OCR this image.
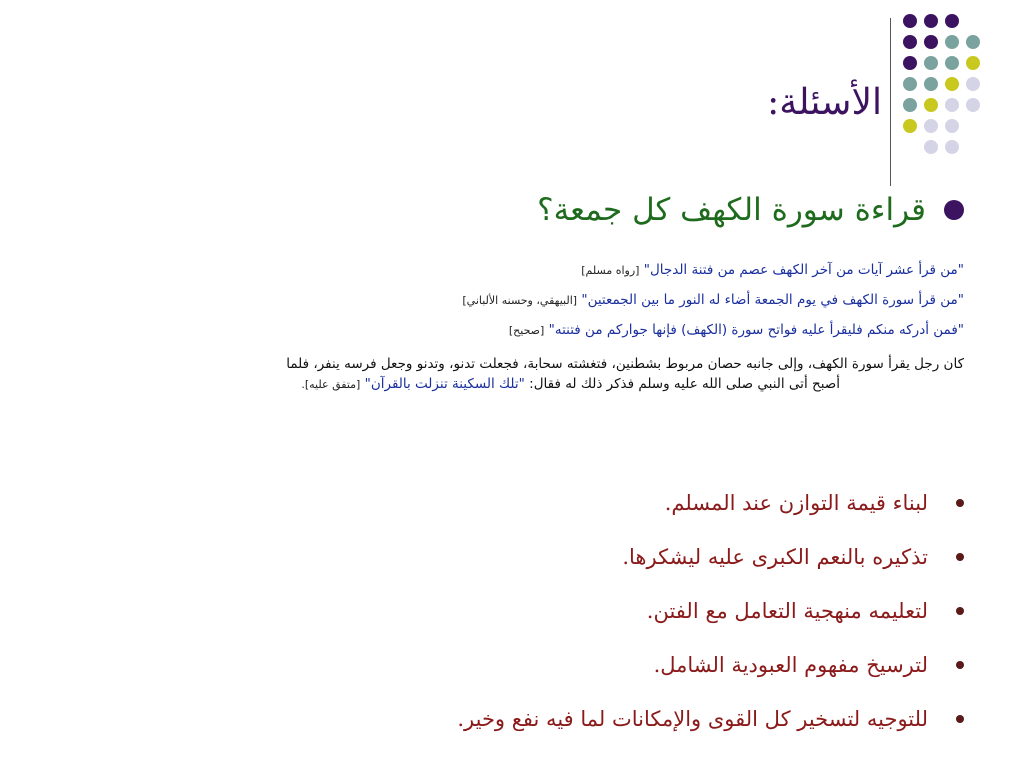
الأسئلة:
قراءة سورة الكهف كل جمعة؟
"من قرأ عشر آيات من آخر الكهف عصم من فتنة الدجال" [رواه مسلم]
"من قرأ سورة الكهف في يوم الجمعة أضاء له النور ما بين الجمعتين" [البيهقي، وحسنه الألباني]
"فمن أدركه منكم فليقرأ عليه فواتح سورة (الكهف) فإنها جواركم من فتنته" [صحيح]
كان رجل يقرأ سورة الكهف، وإلى جانبه حصان مربوط بشطنين، فتغشته سحابة، فجعلت تدنو، وتدنو وجعل فرسه ينفر، فلما
أصبح أتى النبي صلى الله عليه وسلم فذكر ذلك له فقال: "تلك السكينة تنزلت بالقرآن" [متفق عليه].
لبناء قيمة التوازن عند المسلم.
تذكيره بالنعم الكبرى عليه ليشكرها.
لتعليمه منهجية التعامل مع الفتن.
لترسيخ مفهوم العبودية الشامل.
للتوجيه لتسخير كل القوى والإمكانات لما فيه نفع وخير.
